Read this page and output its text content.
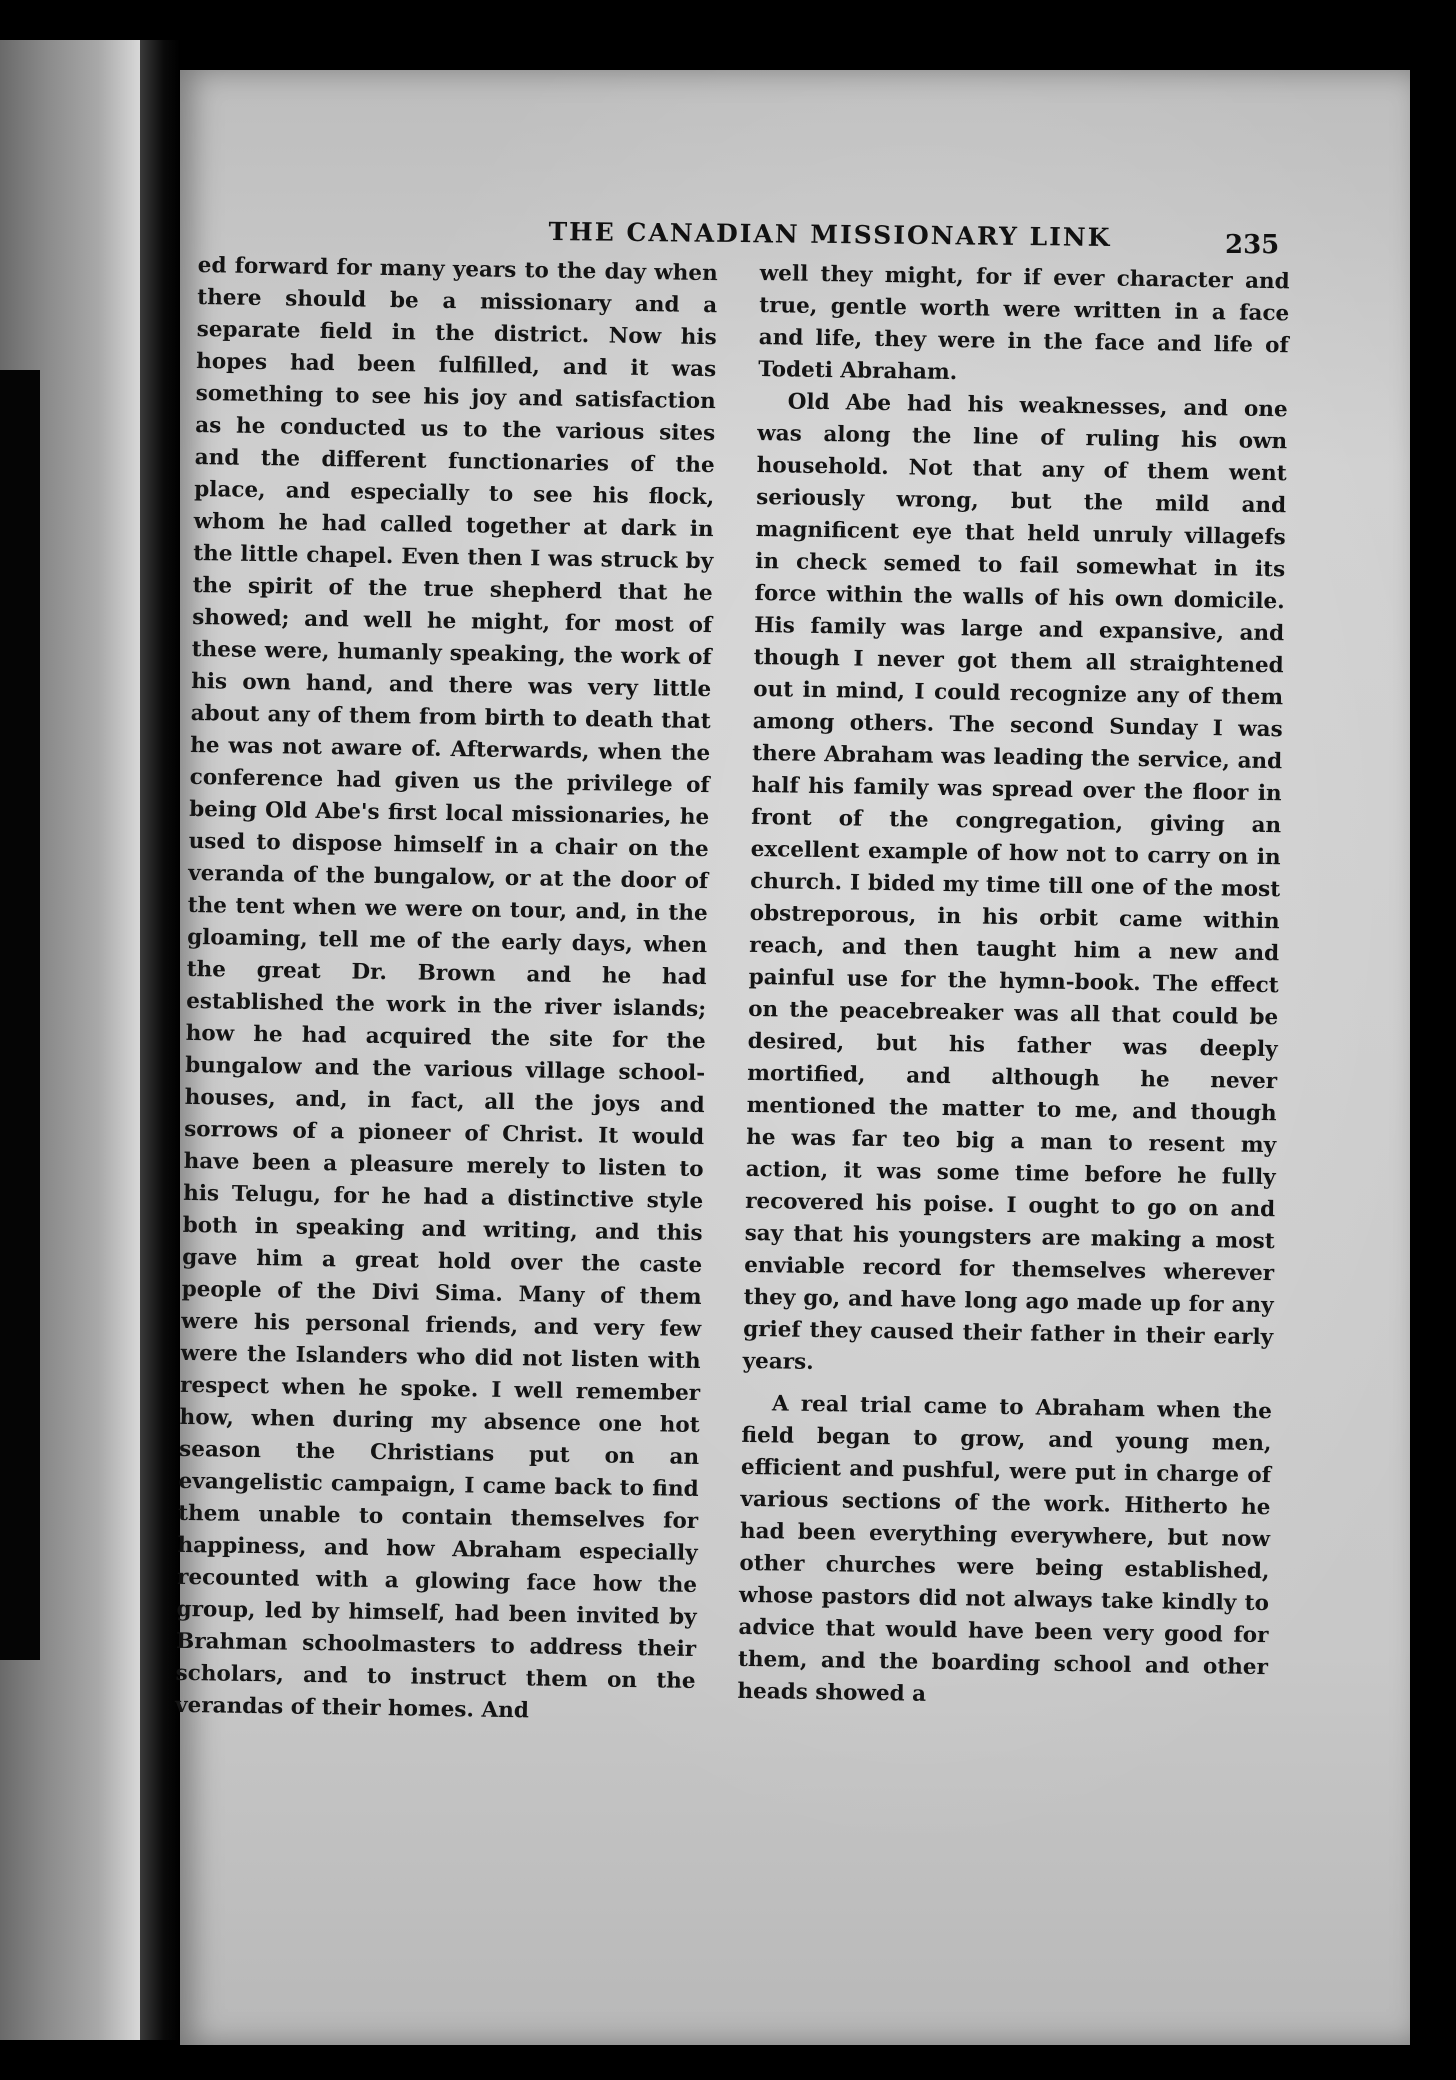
THE CANADIAN MISSIONARY LINK	235

ed forward for many years to the day when there should be a missionary and a separate field in the district. Now his hopes had been fulfilled, and it was something to see his joy and satisfaction as he conducted us to the various sites and the different functionaries of the place, and especially to see his flock, whom he had called together at dark in the little chapel. Even then I was struck by the spirit of the true shepherd that he showed; and well he might, for most of these were, humanly speaking, the work of his own hand, and there was very little about any of them from birth to death that he was not aware of. Afterwards, when the conference had given us the privilege of being Old Abe's first local missionaries, he used to dispose himself in a chair on the veranda of the bungalow, or at the door of the tent when we were on tour, and, in the gloaming, tell me of the early days, when the great Dr. Brown and he had established the work in the river islands; how he had acquired the site for the bungalow and the various village school-houses, and, in fact, all the joys and sorrows of a pioneer of Christ. It would have been a pleasure merely to listen to his Telugu, for he had a distinctive style both in speaking and writing, and this gave him a great hold over the caste people of the Divi Sima. Many of them were his personal friends, and very few were the Islanders who did not listen with respect when he spoke. I well remember how, when during my absence one hot season the Christians put on an evangelistic campaign, I came back to find them unable to contain themselves for happiness, and how Abraham especially recounted with a glowing face how the group, led by himself, had been invited by Brahman schoolmasters to address their scholars, and to instruct them on the verandas of their homes. And

well they might, for if ever character and true, gentle worth were written in a face and life, they were in the face and life of Todeti Abraham.

Old Abe had his weaknesses, and one was along the line of ruling his own household. Not that any of them went seriously wrong, but the mild and magnificent eye that held unruly villagefs in check semed to fail somewhat in its force within the walls of his own domicile. His family was large and expansive, and though I never got them all straightened out in mind, I could recognize any of them among others. The second Sunday I was there Abraham was leading the service, and half his family was spread over the floor in front of the congregation, giving an excellent example of how not to carry on in church. I bided my time till one of the most obstreporous, in his orbit came within reach, and then taught him a new and painful use for the hymn-book. The effect on the peacebreaker was all that could be desired, but his father was deeply mortified, and although he never mentioned the matter to me, and though he was far teo big a man to resent my action, it was some time before he fully recovered his poise. I ought to go on and say that his youngsters are making a most enviable record for themselves wherever they go, and have long ago made up for any grief they caused their father in their early years.

A real trial came to Abraham when the field began to grow, and young men, efficient and pushful, were put in charge of various sections of the work. Hitherto he had been everything everywhere, but now other churches were being established, whose pastors did not always take kindly to advice that would have been very good for them, and the boarding school and other heads showed a
